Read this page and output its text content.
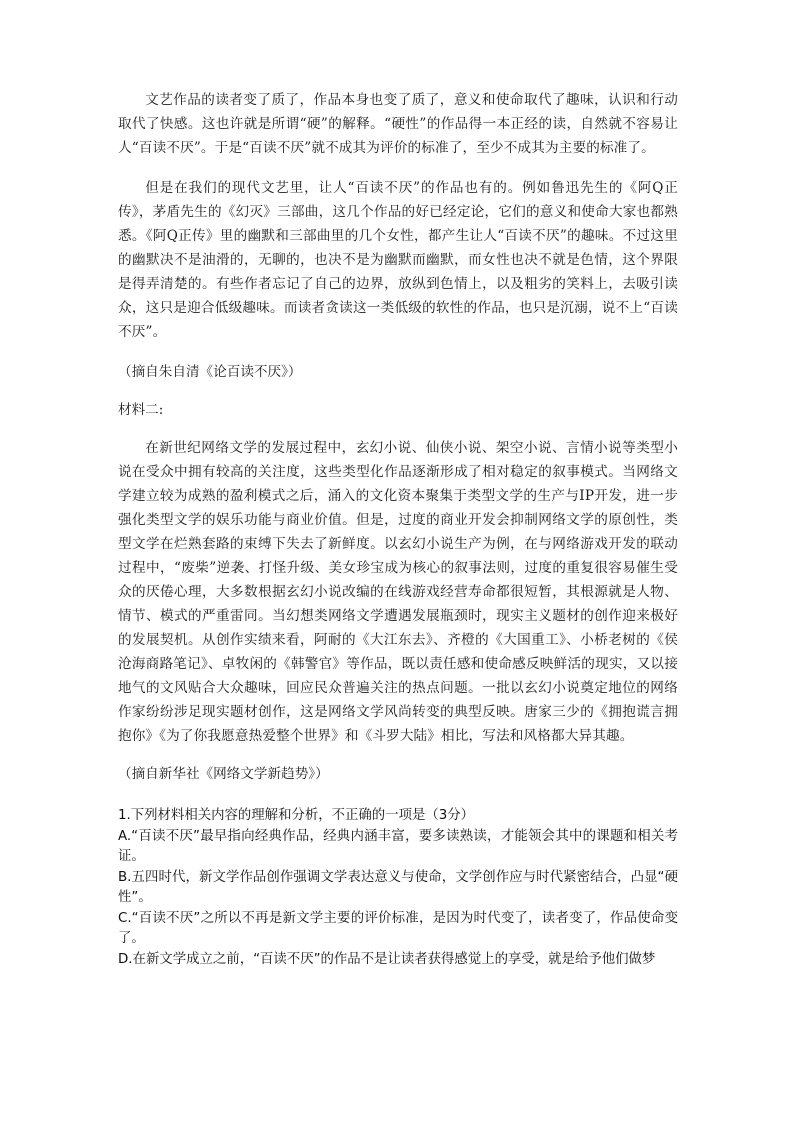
文艺作品的读者变了质了，作品本身也变了质了，意义和使命取代了趣味，认识和行动取代了快感。这也许就是所谓“硬”的解释。“硬性”的作品得一本正经的读，自然就不容易让人“百读不厌”。于是“百读不厌”就不成其为评价的标准了，至少不成其为主要的标准了。

但是在我们的现代文艺里，让人“百读不厌”的作品也有的。例如鲁迅先生的《阿Q正传》，茅盾先生的《幻灭》三部曲，这几个作品的好已经定论，它们的意义和使命大家也都熟悉。《阿Q正传》里的幽默和三部曲里的几个女性，都产生让人“百读不厌”的趣味。不过这里的幽默决不是油滑的，无聊的，也决不是为幽默而幽默，而女性也决不就是色情，这个界限是得弄清楚的。有些作者忘记了自己的边界，放纵到色情上，以及粗劣的笑料上，去吸引读众，这只是迎合低级趣味。而读者贪读这一类低级的软性的作品，也只是沉溺，说不上“百读不厌”。

（摘自朱自清《论百读不厌》）

材料二:

在新世纪网络文学的发展过程中，玄幻小说、仙侠小说、架空小说、言情小说等类型小说在受众中拥有较高的关注度，这些类型化作品逐渐形成了相对稳定的叙事模式。当网络文学建立较为成熟的盈利模式之后，涌入的文化资本聚集于类型文学的生产与IP开发，进一步强化类型文学的娱乐功能与商业价值。但是，过度的商业开发会抑制网络文学的原创性，类型文学在烂熟套路的束缚下失去了新鲜度。以玄幻小说生产为例，在与网络游戏开发的联动过程中，“废柴”逆袭、打怪升级、美女珍宝成为核心的叙事法则，过度的重复很容易催生受众的厌倦心理，大多数根据玄幻小说改编的在线游戏经营寿命都很短暂，其根源就是人物、情节、模式的严重雷同。当幻想类网络文学遭遇发展瓶颈时，现实主义题材的创作迎来极好的发展契机。从创作实绩来看，阿耐的《大江东去》、齐橙的《大国重工》、小桥老树的《侯沧海商路笔记》、卓牧闲的《韩警官》等作品，既以责任感和使命感反映鲜活的现实，又以接地气的文风贴合大众趣味，回应民众普遍关注的热点问题。一批以玄幻小说奠定地位的网络作家纷纷涉足现实题材创作，这是网络文学风尚转变的典型反映。唐家三少的《拥抱谎言拥抱你》《为了你我愿意热爱整个世界》和《斗罗大陆》相比，写法和风格都大异其趣。

（摘自新华社《网络文学新趋势》）

1.下列材料相关内容的理解和分析，不正确的一项是（3分）
A.“百读不厌”最早指向经典作品，经典内涵丰富，要多读熟读，才能领会其中的课题和相关考证。
B.五四时代，新文学作品创作强调文学表达意义与使命，文学创作应与时代紧密结合，凸显“硬性”。
C.“百读不厌”之所以不再是新文学主要的评价标准，是因为时代变了，读者变了，作品使命变了。
D.在新文学成立之前，“百读不厌”的作品不是让读者获得感觉上的享受，就是给予他们做梦
